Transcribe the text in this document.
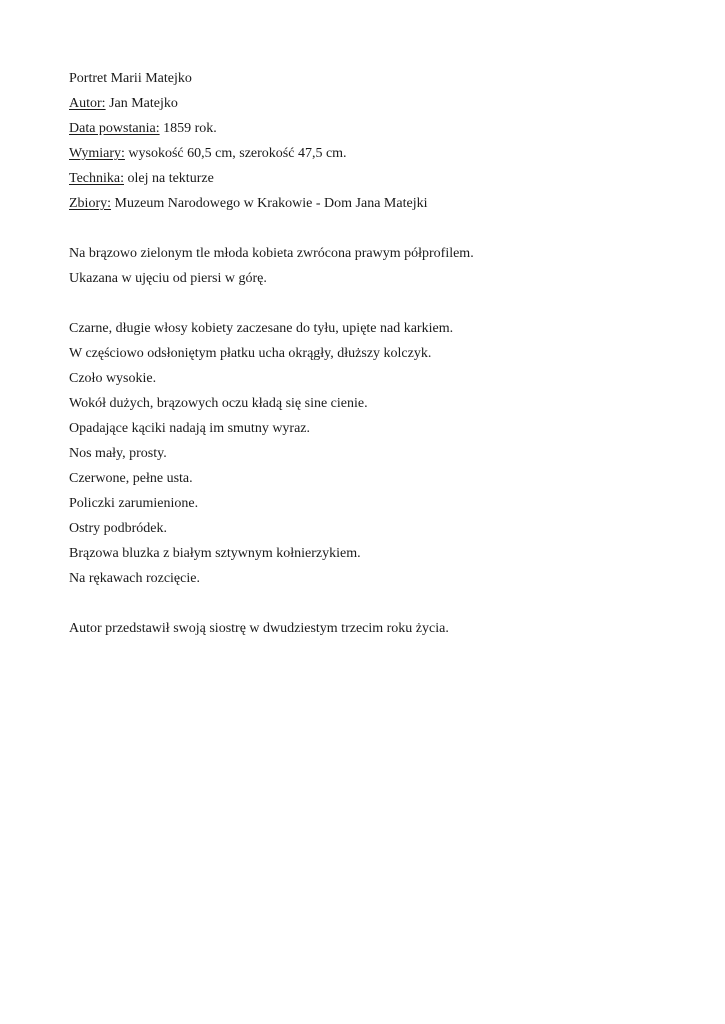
Portret Marii Matejko
Autor: Jan Matejko
Data powstania: 1859 rok.
Wymiary: wysokość 60,5 cm, szerokość 47,5 cm.
Technika: olej na tekturze
Zbiory: Muzeum Narodowego w Krakowie - Dom Jana Matejki
Na brązowo zielonym tle młoda kobieta zwrócona prawym półprofilem.
Ukazana w ujęciu od piersi w górę.
Czarne, długie włosy kobiety zaczesane do tyłu, upięte nad karkiem.
W częściowo odsłoniętym płatku ucha okrągły, dłuższy kolczyk.
Czoło wysokie.
Wokół dużych, brązowych oczu kładą się sine cienie.
Opadające kąciki nadają im smutny wyraz.
Nos mały, prosty.
Czerwone, pełne usta.
Policzki zarumienione.
Ostry podbródek.
Brązowa bluzka z białym sztywnym kołnierzykiem.
Na rękawach rozcięcie.
Autor przedstawił swoją siostrę w dwudziestym trzecim roku życia.
